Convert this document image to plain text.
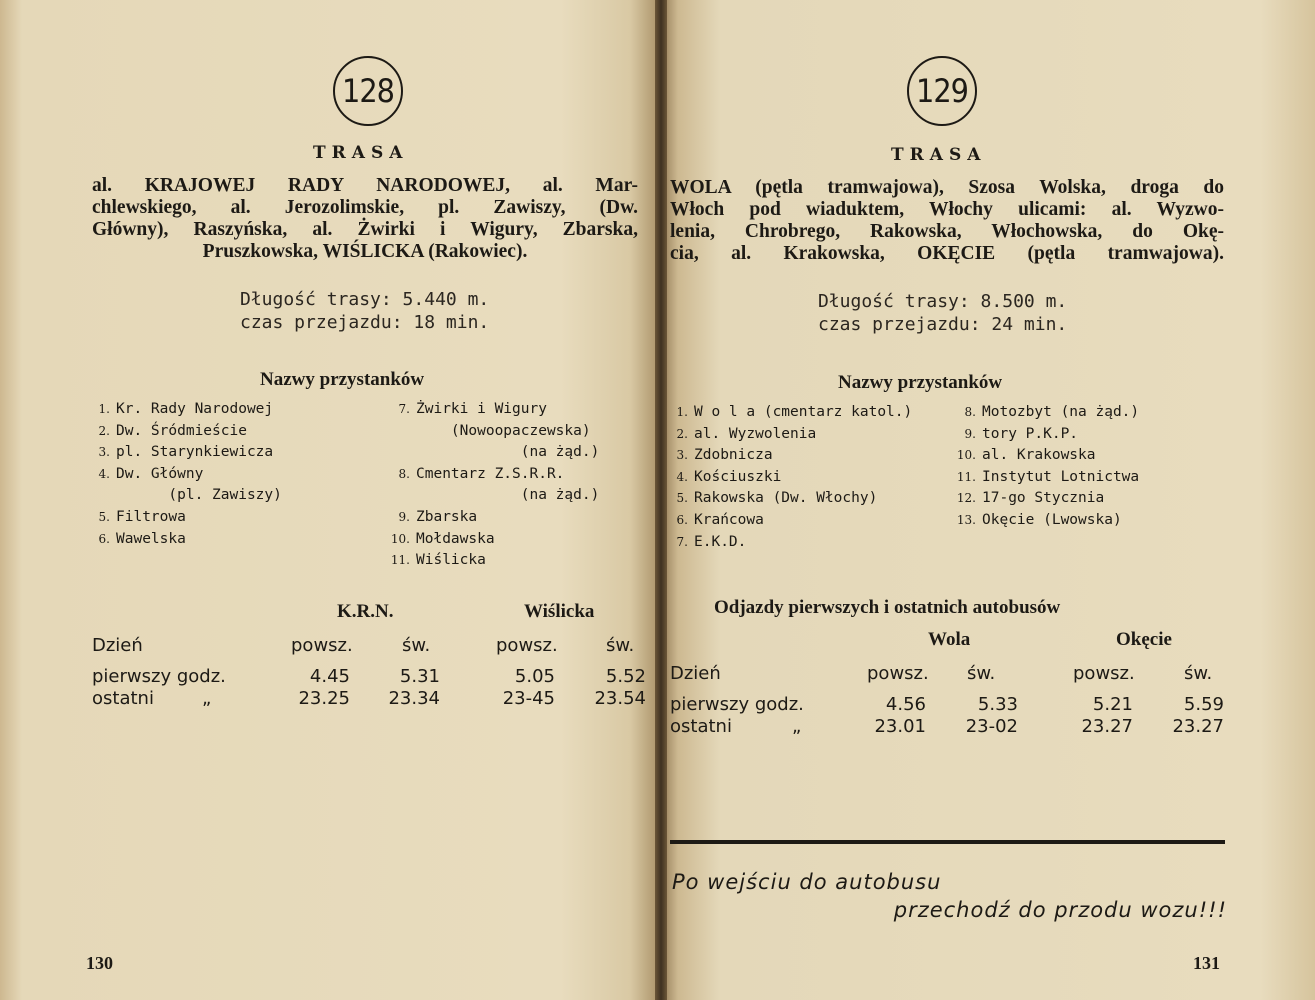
128
TRASA
al. KRAJOWEJ RADY NARODOWEJ, al. Mar-
chlewskiego, al. Jerozolimskie, pl. Zawiszy, (Dw.
Główny), Raszyńska, al. Żwirki i Wigury, Zbarska,
Pruszkowska, WIŚLICKA (Rakowiec).
Długość trasy: 5.440 m.
czas przejazdu: 18 min.
Nazwy przystanków
1. Kr. Rady Narodowej
2. Dw. Śródmieście
3. pl. Starynkiewicza
4. Dw. Główny
(pl. Zawiszy)
5. Filtrowa
6. Wawelska
7. Żwirki i Wigury
(Nowoopaczewska)
(na żąd.)
8. Cmentarz Z.S.R.R.
(na żąd.)
9. Zbarska
10. Mołdawska
11. Wiślicka
K.R.N.	Wiślicka
Dzień	powsz.	św.	powsz.	św.
pierwszy godz.	4.45	5.31	5.05	5.52
ostatni	„	23.25	23.34	23-45	23.54
130
129
TRASA
WOLA (pętla tramwajowa), Szosa Wolska, droga do
Włoch pod wiaduktem, Włochy ulicami: al. Wyzwo-
lenia, Chrobrego, Rakowska, Włochowska, do Okę-
cia, al. Krakowska, OKĘCIE (pętla tramwajowa).
Długość trasy: 8.500 m.
czas przejazdu: 24 min.
Nazwy przystanków
1. W o l a (cmentarz katol.)
2. al. Wyzwolenia
3. Zdobnicza
4. Kościuszki
5. Rakowska (Dw. Włochy)
6. Krańcowa
7. E.K.D.
8. Motozbyt (na żąd.)
9. tory P.K.P.
10. al. Krakowska
11. Instytut Lotnictwa
12. 17-go Stycznia
13. Okęcie (Lwowska)
Odjazdy pierwszych i ostatnich autobusów
Wola	Okęcie
Dzień	powsz. św.	powsz.	św.
pierwszy godz.	4.56	5.33	5.21	5.59
ostatni	„	23.01	23-02	23.27	23.27
Po wejściu do autobusu
przechodź do przodu wozu!!!
131
